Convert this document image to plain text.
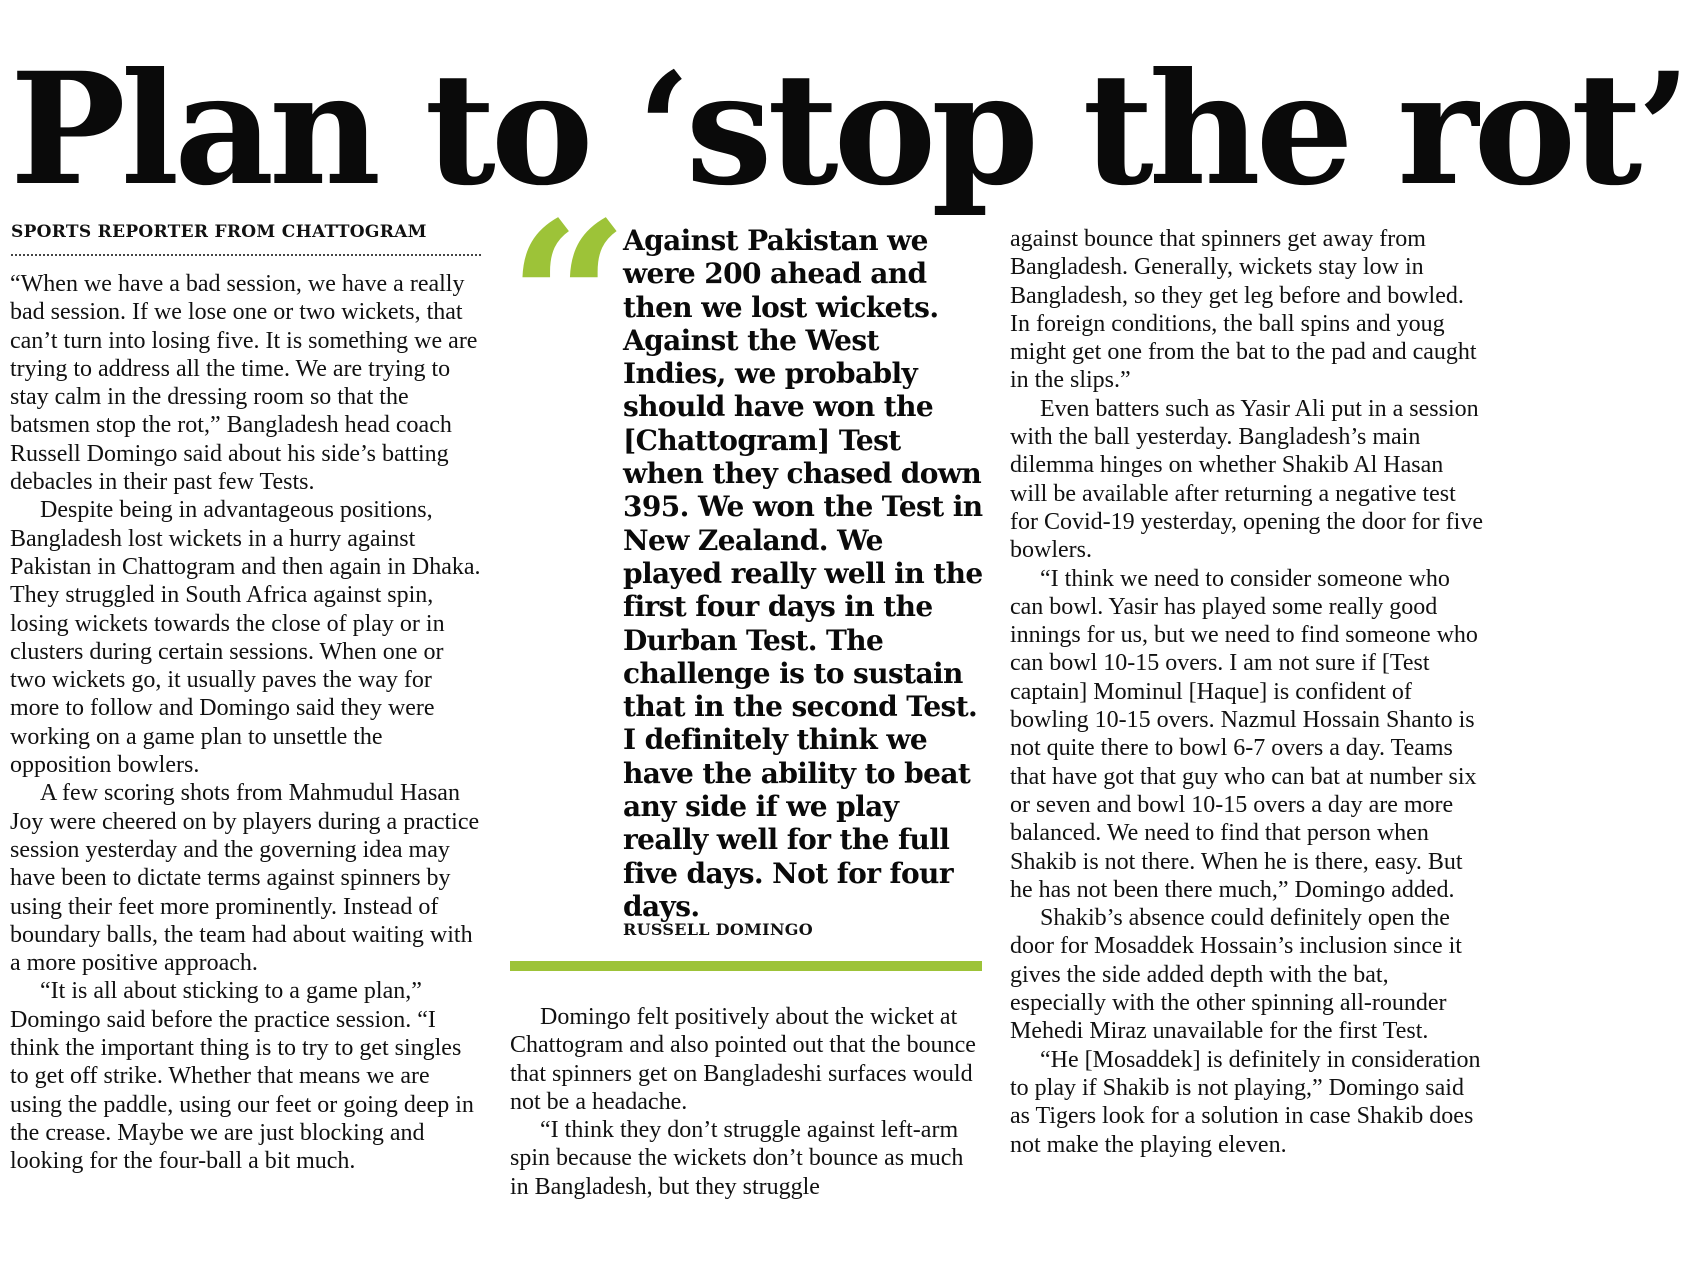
Plan to ‘stop the rot’
SPORTS REPORTER FROM CHATTOGRAM

“When we have a bad session, we have a really bad session. If we lose one or two wickets, that can’t turn into losing five. It is something we are trying to address all the time. We are trying to stay calm in the dressing room so that the batsmen stop the rot,” Bangladesh head coach Russell Domingo said about his side’s batting debacles in their past few Tests.

Despite being in advantageous positions, Bangladesh lost wickets in a hurry against Pakistan in Chattogram and then again in Dhaka. They struggled in South Africa against spin, losing wickets towards the close of play or in clusters during certain sessions. When one or two wickets go, it usually paves the way for more to follow and Domingo said they were working on a game plan to unsettle the opposition bowlers.

A few scoring shots from Mahmudul Hasan Joy were cheered on by players during a practice session yesterday and the governing idea may have been to dictate terms against spinners by using their feet more prominently. Instead of boundary balls, the team had about waiting with a more positive approach.

“It is all about sticking to a game plan,” Domingo said before the practice session. “I think the important thing is to try to get singles to get off strike. Whether that means we are using the paddle, using our feet or going deep in the crease. Maybe we are just blocking and looking for the four-ball a bit much.

“
Against Pakistan we were 200 ahead and then we lost wickets. Against the West Indies, we probably should have won the [Chattogram] Test when they chased down 395. We won the Test in New Zealand. We played really well in the first four days in the Durban Test. The challenge is to sustain that in the second Test. I definitely think we have the ability to beat any side if we play really well for the full five days. Not for four days.
RUSSELL DOMINGO

Domingo felt positively about the wicket at Chattogram and also pointed out that the bounce that spinners get on Bangladeshi surfaces would not be a headache.

“I think they don’t struggle against left-arm spin because the wickets don’t bounce as much in Bangladesh, but they struggle

against bounce that spinners get away from Bangladesh. Generally, wickets stay low in Bangladesh, so they get leg before and bowled. In foreign conditions, the ball spins and youg might get one from the bat to the pad and caught in the slips.”

Even batters such as Yasir Ali put in a session with the ball yesterday. Bangladesh’s main dilemma hinges on whether Shakib Al Hasan will be available after returning a negative test for Covid-19 yesterday, opening the door for five bowlers.

“I think we need to consider someone who can bowl. Yasir has played some really good innings for us, but we need to find someone who can bowl 10-15 overs. I am not sure if [Test captain] Mominul [Haque] is confident of bowling 10-15 overs. Nazmul Hossain Shanto is not quite there to bowl 6-7 overs a day. Teams that have got that guy who can bat at number six or seven and bowl 10-15 overs a day are more balanced. We need to find that person when Shakib is not there. When he is there, easy. But he has not been there much,” Domingo added.

Shakib’s absence could definitely open the door for Mosaddek Hossain’s inclusion since it gives the side added depth with the bat, especially with the other spinning all-rounder Mehedi Miraz unavailable for the first Test.

“He [Mosaddek] is definitely in consideration to play if Shakib is not playing,” Domingo said as Tigers look for a solution in case Shakib does not make the playing eleven.
